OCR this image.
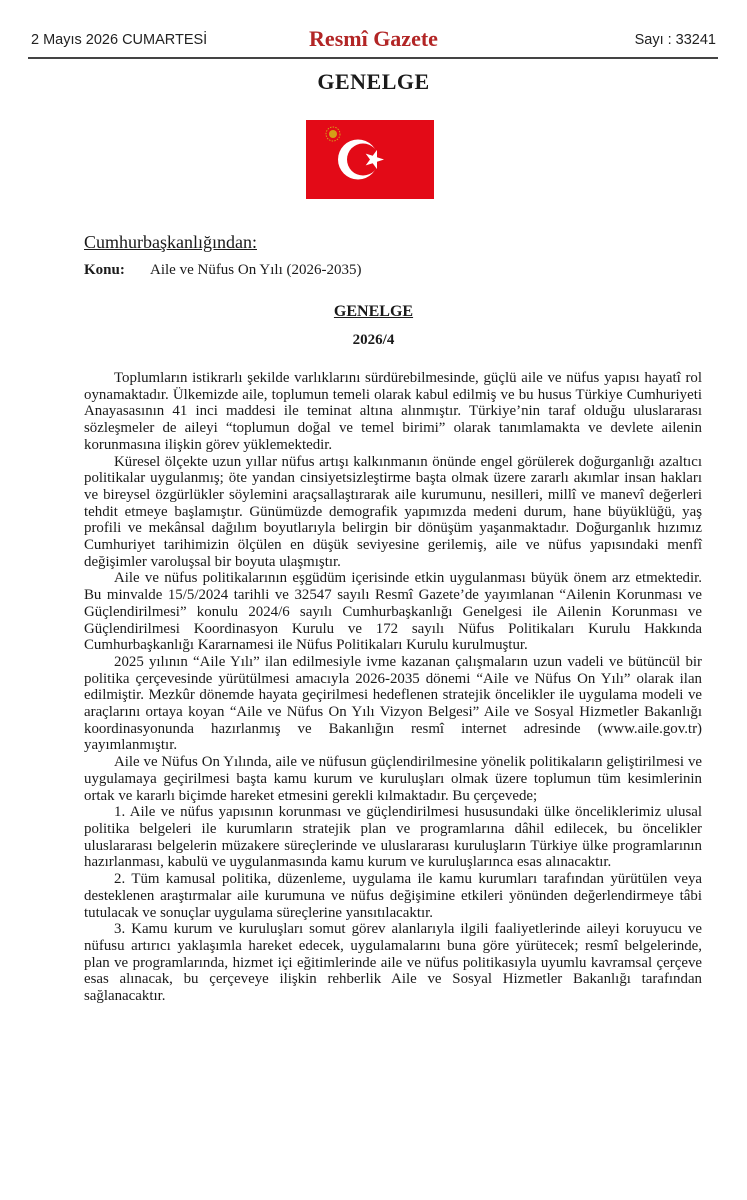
2 Mayıs 2026 CUMARTESİ	Resmî Gazete	Sayı : 33241
GENELGE
Cumhurbaşkanlığından:
Konu: Aile ve Nüfus On Yılı (2026-2035)
GENELGE
2026/4

Toplumların istikrarlı şekilde varlıklarını sürdürebilmesinde, güçlü aile ve nüfus yapısı hayatî rol oynamaktadır. Ülkemizde aile, toplumun temeli olarak kabul edilmiş ve bu husus Türkiye Cumhuriyeti Anayasasının 41 inci maddesi ile teminat altına alınmıştır. Türkiye’nin taraf olduğu uluslararası sözleşmeler de aileyi “toplumun doğal ve temel birimi” olarak tanımlamakta ve devlete ailenin korunmasına ilişkin görev yüklemektedir.

Küresel ölçekte uzun yıllar nüfus artışı kalkınmanın önünde engel görülerek doğurganlığı azaltıcı politikalar uygulanmış; öte yandan cinsiyetsizleştirme başta olmak üzere zararlı akımlar insan hakları ve bireysel özgürlükler söylemini araçsallaştırarak aile kurumunu, nesilleri, millî ve manevî değerleri tehdit etmeye başlamıştır. Günümüzde demografik yapımızda medeni durum, hane büyüklüğü, yaş profili ve mekânsal dağılım boyutlarıyla belirgin bir dönüşüm yaşanmaktadır. Doğurganlık hızımız Cumhuriyet tarihimizin ölçülen en düşük seviyesine gerilemiş, aile ve nüfus yapısındaki menfî değişimler varoluşsal bir boyuta ulaşmıştır.

Aile ve nüfus politikalarının eşgüdüm içerisinde etkin uygulanması büyük önem arz etmektedir. Bu minvalde 15/5/2024 tarihli ve 32547 sayılı Resmî Gazete’de yayımlanan “Ailenin Korunması ve Güçlendirilmesi” konulu 2024/6 sayılı Cumhurbaşkanlığı Genelgesi ile Ailenin Korunması ve Güçlendirilmesi Koordinasyon Kurulu ve 172 sayılı Nüfus Politikaları Kurulu Hakkında Cumhurbaşkanlığı Kararnamesi ile Nüfus Politikaları Kurulu kurulmuştur.

2025 yılının “Aile Yılı” ilan edilmesiyle ivme kazanan çalışmaların uzun vadeli ve bütüncül bir politika çerçevesinde yürütülmesi amacıyla 2026-2035 dönemi “Aile ve Nüfus On Yılı” olarak ilan edilmiştir. Mezkûr dönemde hayata geçirilmesi hedeflenen stratejik öncelikler ile uygulama modeli ve araçlarını ortaya koyan “Aile ve Nüfus On Yılı Vizyon Belgesi” Aile ve Sosyal Hizmetler Bakanlığı koordinasyonunda hazırlanmış ve Bakanlığın resmî internet adresinde (www.aile.gov.tr) yayımlanmıştır.

Aile ve Nüfus On Yılında, aile ve nüfusun güçlendirilmesine yönelik politikaların geliştirilmesi ve uygulamaya geçirilmesi başta kamu kurum ve kuruluşları olmak üzere toplumun tüm kesimlerinin ortak ve kararlı biçimde hareket etmesini gerekli kılmaktadır. Bu çerçevede;

1. Aile ve nüfus yapısının korunması ve güçlendirilmesi hususundaki ülke önceliklerimiz ulusal politika belgeleri ile kurumların stratejik plan ve programlarına dâhil edilecek, bu öncelikler uluslararası belgelerin müzakere süreçlerinde ve uluslararası kuruluşların Türkiye ülke programlarının hazırlanması, kabulü ve uygulanmasında kamu kurum ve kuruluşlarınca esas alınacaktır.

2. Tüm kamusal politika, düzenleme, uygulama ile kamu kurumları tarafından yürütülen veya desteklenen araştırmalar aile kurumuna ve nüfus değişimine etkileri yönünden değerlendirmeye tâbi tutulacak ve sonuçlar uygulama süreçlerine yansıtılacaktır.

3. Kamu kurum ve kuruluşları somut görev alanlarıyla ilgili faaliyetlerinde aileyi koruyucu ve nüfusu artırıcı yaklaşımla hareket edecek, uygulamalarını buna göre yürütecek; resmî belgelerinde, plan ve programlarında, hizmet içi eğitimlerinde aile ve nüfus politikasıyla uyumlu kavramsal çerçeve esas alınacak, bu çerçeveye ilişkin rehberlik Aile ve Sosyal Hizmetler Bakanlığı tarafından sağlanacaktır.
